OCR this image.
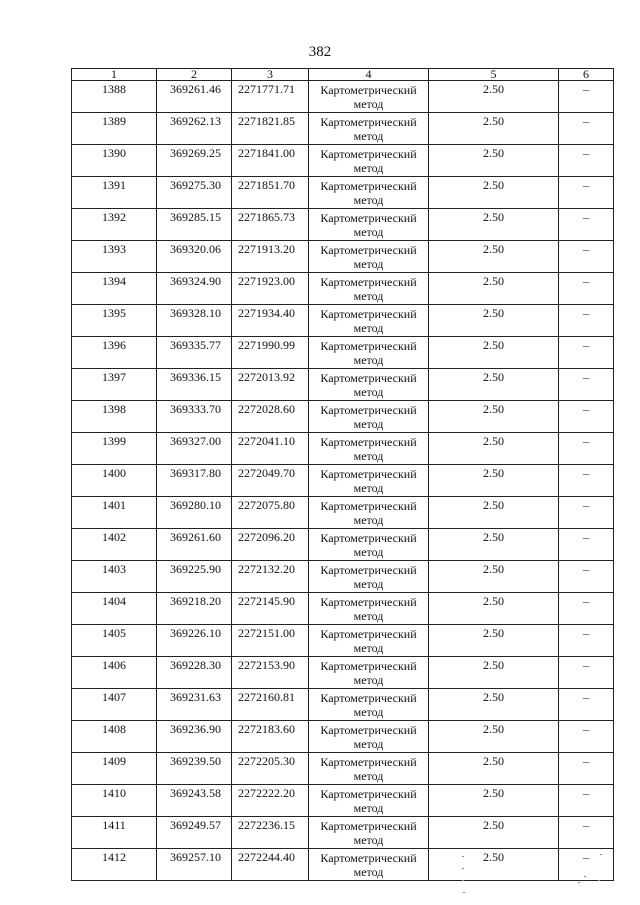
382
1	2	3	4	5	6
1388	369261.46	2271771.71	Картометрический метод	2.50	–
1389	369262.13	2271821.85	Картометрический метод	2.50	–
1390	369269.25	2271841.00	Картометрический метод	2.50	–
1391	369275.30	2271851.70	Картометрический метод	2.50	–
1392	369285.15	2271865.73	Картометрический метод	2.50	–
1393	369320.06	2271913.20	Картометрический метод	2.50	–
1394	369324.90	2271923.00	Картометрический метод	2.50	–
1395	369328.10	2271934.40	Картометрический метод	2.50	–
1396	369335.77	2271990.99	Картометрический метод	2.50	–
1397	369336.15	2272013.92	Картометрический метод	2.50	–
1398	369333.70	2272028.60	Картометрический метод	2.50	–
1399	369327.00	2272041.10	Картометрический метод	2.50	–
1400	369317.80	2272049.70	Картометрический метод	2.50	–
1401	369280.10	2272075.80	Картометрический метод	2.50	–
1402	369261.60	2272096.20	Картометрический метод	2.50	–
1403	369225.90	2272132.20	Картометрический метод	2.50	–
1404	369218.20	2272145.90	Картометрический метод	2.50	–
1405	369226.10	2272151.00	Картометрический метод	2.50	–
1406	369228.30	2272153.90	Картометрический метод	2.50	–
1407	369231.63	2272160.81	Картометрический метод	2.50	–
1408	369236.90	2272183.60	Картометрический метод	2.50	–
1409	369239.50	2272205.30	Картометрический метод	2.50	–
1410	369243.58	2272222.20	Картометрический метод	2.50	–
1411	369249.57	2272236.15	Картометрический метод	2.50	–
1412	369257.10	2272244.40	Картометрический метод	2.50	–
